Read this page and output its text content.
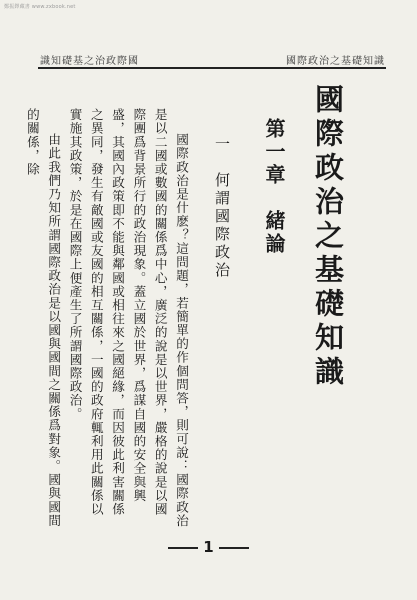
鄭振鐸藏書 www.zxbook.net
識知礎基之治政際國	國際政治之基礎知識
國際政治之基礎知識
第一章　緒論
一　何謂國際政治

國際政治是什麽？這問題，若簡單的作個問答，則可說：國際政治是以二國或數國的關係爲中心，廣泛的說是以世界，嚴格的說是以國際團爲背景所行的政治現象。蓋立國於世界，爲謀自國的安全與興盛，其國內政策即不能與鄰國或相往來之國絕緣，而因彼此利害關係之異同，發生有敵國或友國的相互關係，一國的政府輒利用此關係以實施其政策，於是在國際上便產生了所謂國際政治。

由此我們乃知所謂國際政治是以國與國間之關係爲對象。國與國間的關係，除

1
